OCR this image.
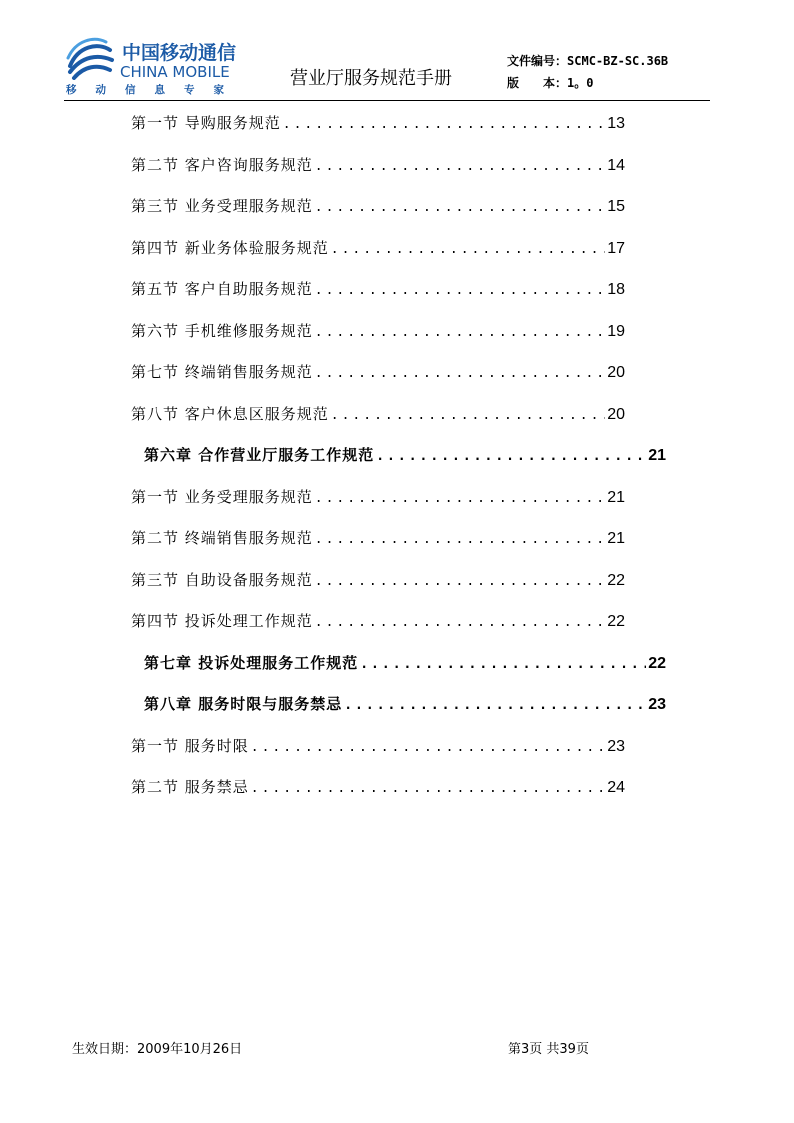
中国移动通信
CHINA MOBILE
移动信息专家
营业厅服务规范手册
文件编号：SCMC-BZ-SC.36B
版　　本：1。0
第一节 导购服务规范 .....	13
第二节 客户咨询服务规范 .....	14
第三节 业务受理服务规范 .....	15
第四节 新业务体验服务规范 .....	17
第五节 客户自助服务规范 .....	18
第六节 手机维修服务规范 .....	19
第七节 终端销售服务规范 .....	20
第八节 客户休息区服务规范 .....	20
第六章 合作营业厅服务工作规范 .....	21
第一节 业务受理服务规范 .....	21
第二节 终端销售服务规范 .....	21
第三节 自助设备服务规范 .....	22
第四节 投诉处理工作规范 .....	22
第七章 投诉处理服务工作规范 .....	22
第八章 服务时限与服务禁忌 .....	23
第一节 服务时限 .....	23
第二节 服务禁忌 .....	24
生效日期：2009年10月26日	第3页 共39页
